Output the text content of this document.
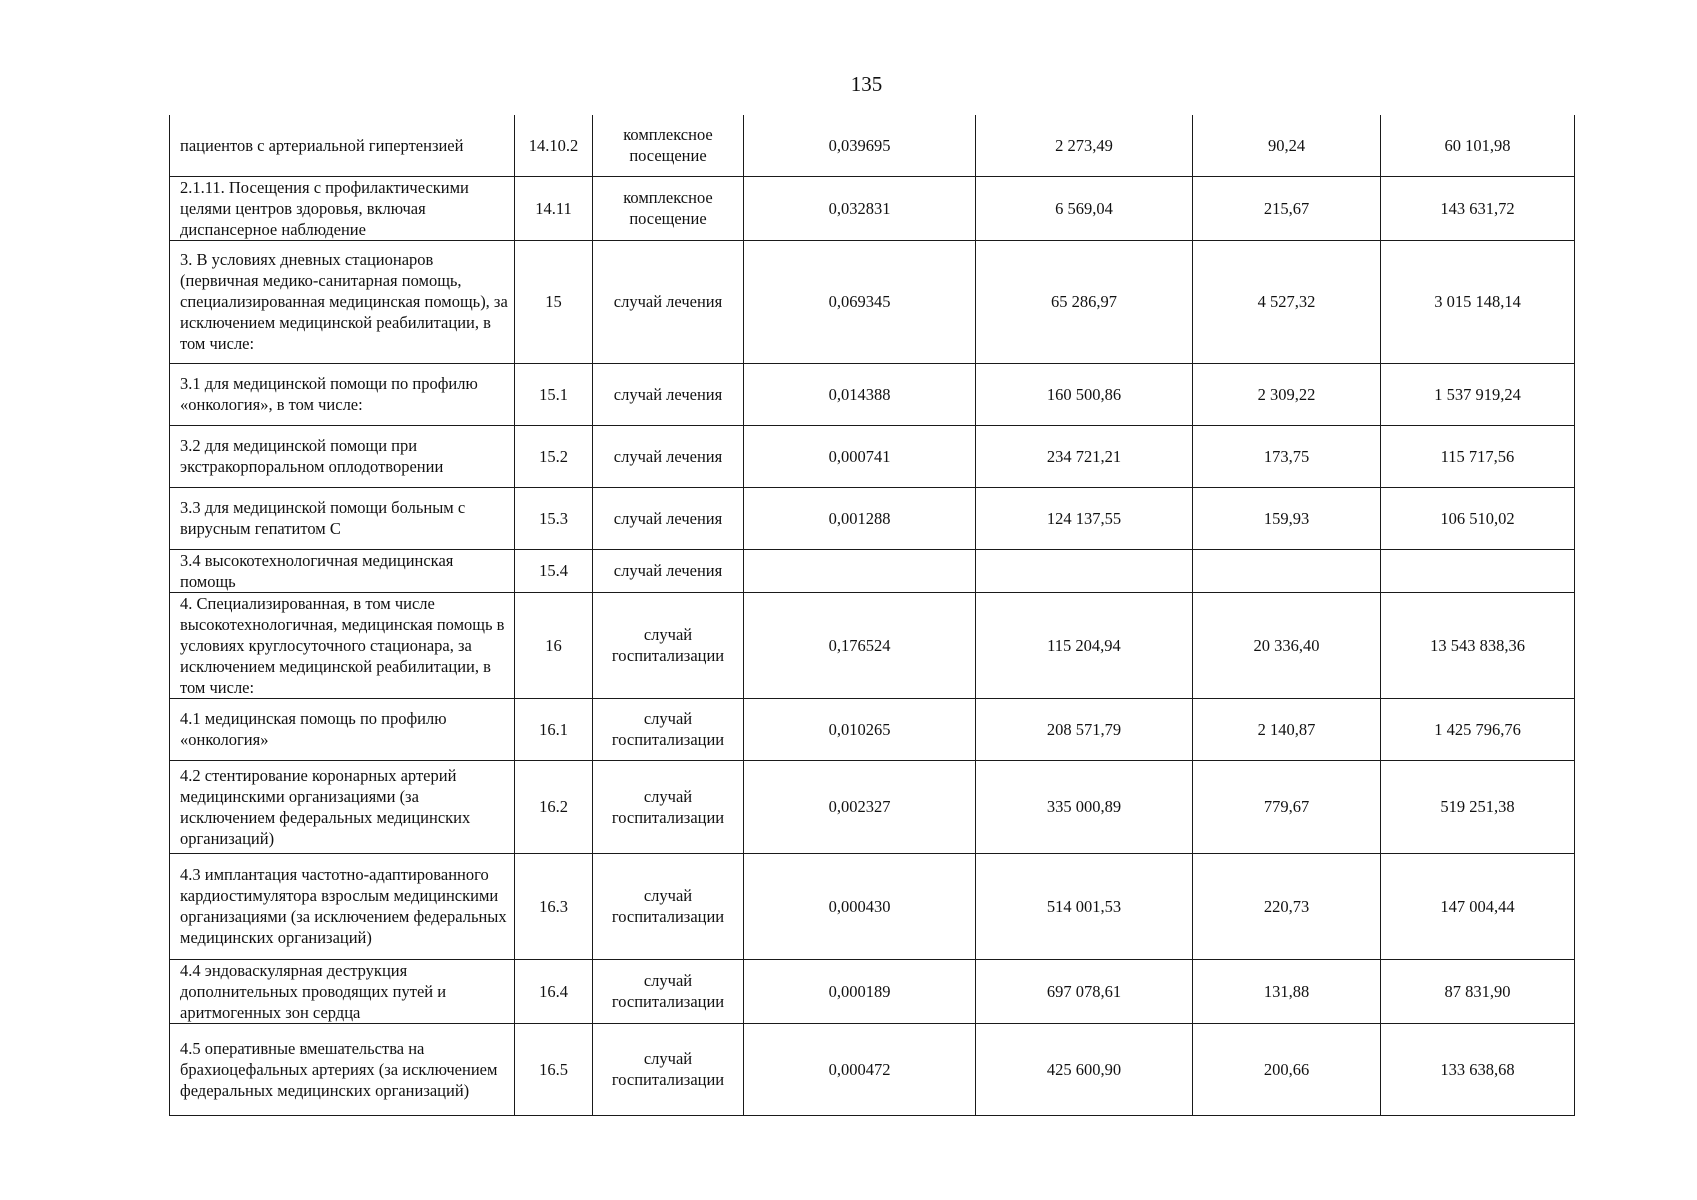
135
пациентов с артериальной гипертензией	14.10.2	комплексное посещение	0,039695	2 273,49	90,24	60 101,98
2.1.11. Посещения с профилактическими целями центров здоровья, включая диспансерное наблюдение	14.11	комплексное посещение	0,032831	6 569,04	215,67	143 631,72
3. В условиях дневных стационаров (первичная медико-санитарная помощь, специализированная медицинская помощь), за исключением медицинской реабилитации, в том числе:	15	случай лечения	0,069345	65 286,97	4 527,32	3 015 148,14
3.1 для медицинской помощи по профилю «онкология», в том числе:	15.1	случай лечения	0,014388	160 500,86	2 309,22	1 537 919,24
3.2 для медицинской помощи при экстракорпоральном оплодотворении	15.2	случай лечения	0,000741	234 721,21	173,75	115 717,56
3.3 для медицинской помощи больным с вирусным гепатитом С	15.3	случай лечения	0,001288	124 137,55	159,93	106 510,02
3.4 высокотехнологичная медицинская помощь	15.4	случай лечения				
4. Специализированная, в том числе высокотехнологичная, медицинская помощь в условиях круглосуточного стационара, за исключением медицинской реабилитации, в том числе:	16	случай госпитализации	0,176524	115 204,94	20 336,40	13 543 838,36
4.1 медицинская помощь по профилю «онкология»	16.1	случай госпитализации	0,010265	208 571,79	2 140,87	1 425 796,76
4.2 стентирование коронарных артерий медицинскими организациями (за исключением федеральных медицинских организаций)	16.2	случай госпитализации	0,002327	335 000,89	779,67	519 251,38
4.3 имплантация частотно-адаптированного кардиостимулятора взрослым медицинскими организациями (за исключением федеральных медицинских организаций)	16.3	случай госпитализации	0,000430	514 001,53	220,73	147 004,44
4.4 эндоваскулярная деструкция дополнительных проводящих путей и аритмогенных зон сердца	16.4	случай госпитализации	0,000189	697 078,61	131,88	87 831,90
4.5 оперативные вмешательства на брахиоцефальных артериях (за исключением федеральных медицинских организаций)	16.5	случай госпитализации	0,000472	425 600,90	200,66	133 638,68
